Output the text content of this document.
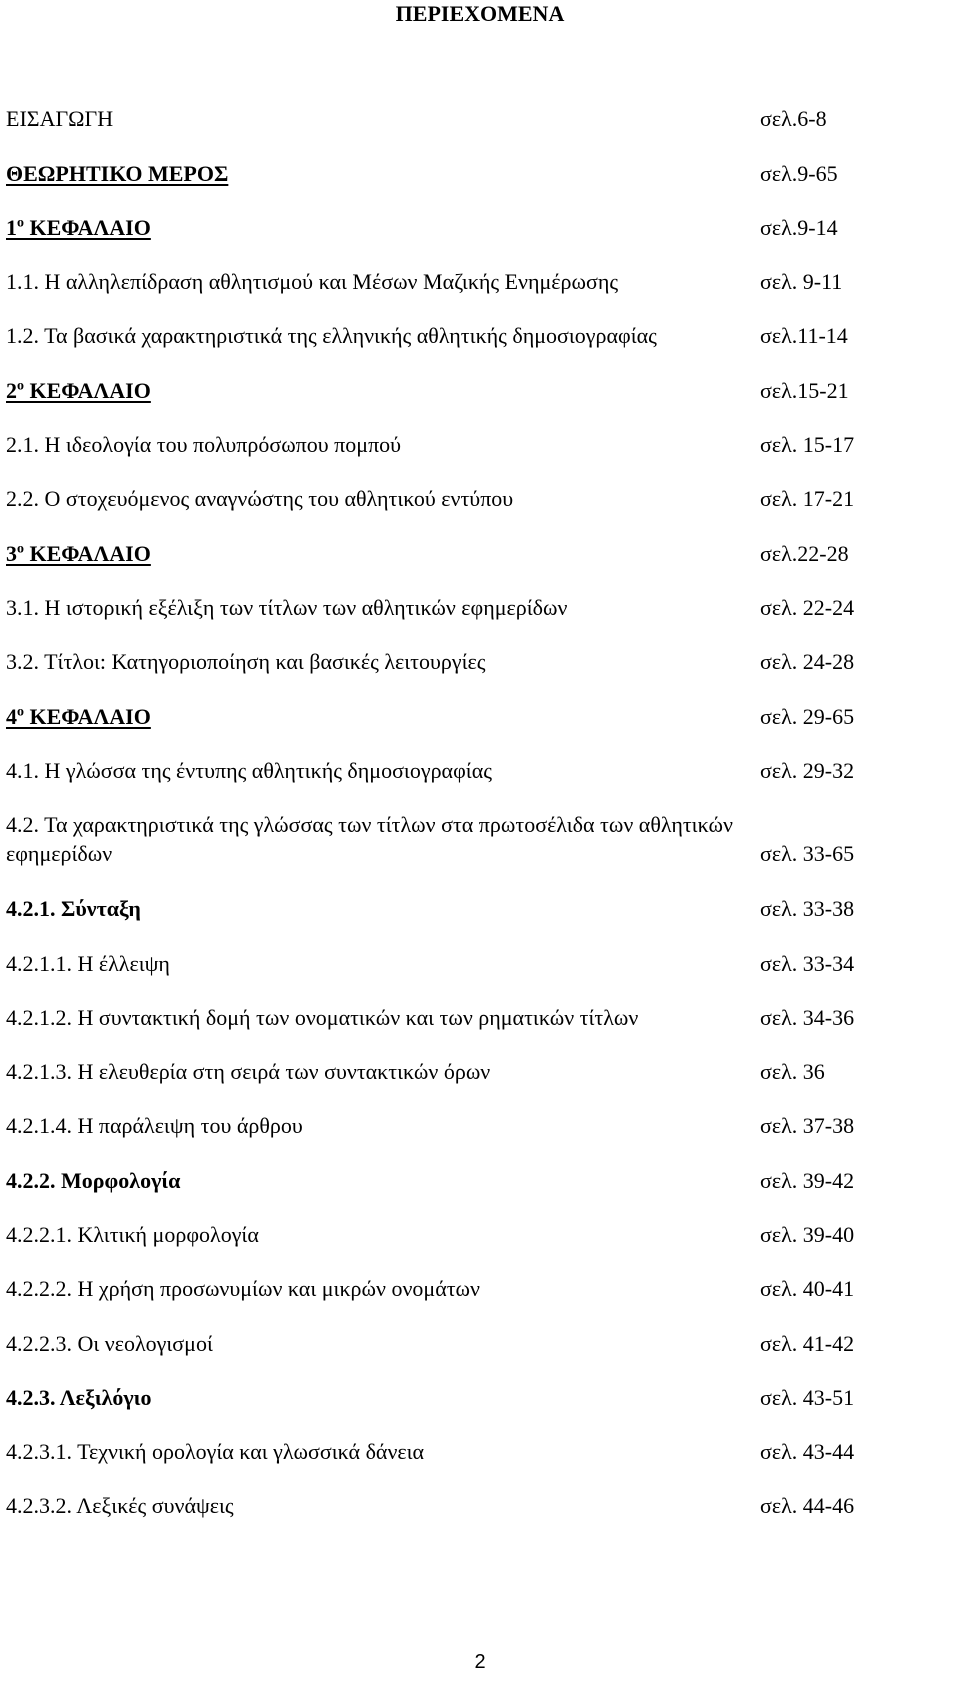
ΠΕΡΙΕΧΟΜΕΝΑ
ΕΙΣΑΓΩΓΗ	σελ.6-8
ΘΕΩΡΗΤΙΚΟ ΜΕΡΟΣ	σελ.9-65
$1^o$ ΚΕΦΑΛΑΙΟ	σελ.9-14
1.1. Η αλληλεπίδραση αθλητισμού και Μέσων Μαζικής Ενημέρωσης	σελ. 9-11
1.2. Τα βασικά χαρακτηριστικά της ελληνικής αθλητικής δημοσιογραφίας	σελ.11-14
$2^o$ ΚΕΦΑΛΑΙΟ	σελ.15-21
2.1. Η ιδεολογία του πολυπρόσωπου πομπού	σελ. 15-17
2.2. Ο στοχευόμενος αναγνώστης του αθλητικού εντύπου	σελ. 17-21
$3^o$ ΚΕΦΑΛΑΙΟ	σελ.22-28
3.1. Η ιστορική εξέλιξη των τίτλων των αθλητικών εφημερίδων	σελ. 22-24
3.2. Τίτλοι: Κατηγοριοποίηση και βασικές λειτουργίες	σελ. 24-28
$4^o$ ΚΕΦΑΛΑΙΟ	σελ. 29-65
4.1. Η γλώσσα της έντυπης αθλητικής δημοσιογραφίας	σελ. 29-32
4.2. Τα χαρακτηριστικά της γλώσσας των τίτλων στα πρωτοσέλιδα των αθλητικών
εφημερίδων	σελ. 33-65
4.2.1. Σύνταξη	σελ. 33-38
4.2.1.1. Η έλλειψη	σελ. 33-34
4.2.1.2. Η συντακτική δομή των ονοματικών και των ρηματικών τίτλων	σελ. 34-36
4.2.1.3. Η ελευθερία στη σειρά των συντακτικών όρων	σελ. 36
4.2.1.4. Η παράλειψη του άρθρου	σελ. 37-38
4.2.2. Μορφολογία	σελ. 39-42
4.2.2.1. Κλιτική μορφολογία	σελ. 39-40
4.2.2.2. Η χρήση προσωνυμίων και μικρών ονομάτων	σελ. 40-41
4.2.2.3. Οι νεολογισμοί	σελ. 41-42
4.2.3. Λεξιλόγιο	σελ. 43-51
4.2.3.1. Τεχνική ορολογία και γλωσσικά δάνεια	σελ. 43-44
4.2.3.2. Λεξικές συνάψεις	σελ. 44-46
2
